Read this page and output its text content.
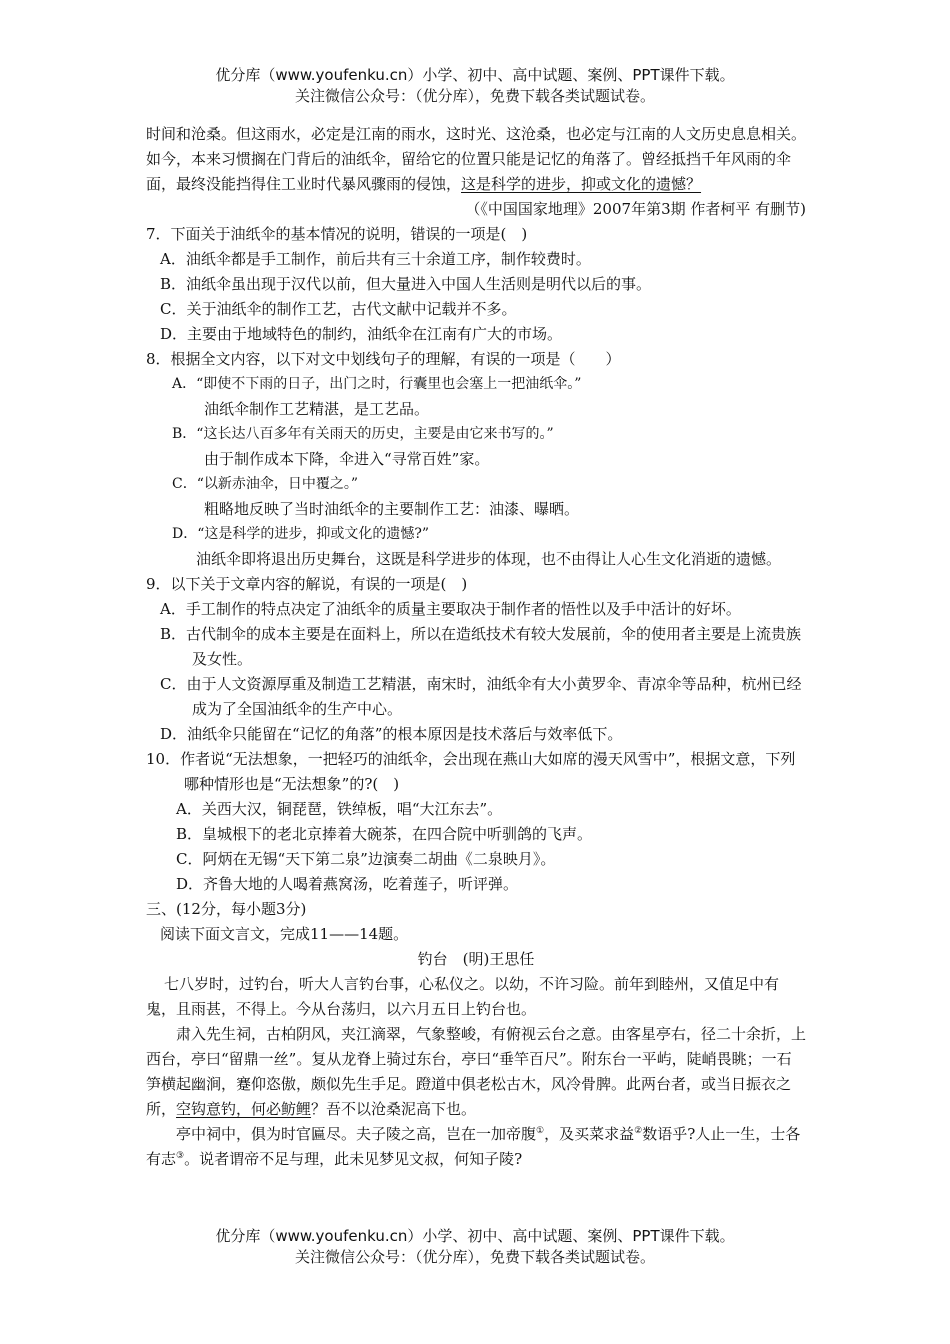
优分库（www.youfenku.cn）小学、初中、高中试题、案例、PPT课件下载。
关注微信公众号：（优分库），免费下载各类试题试卷。

时间和沧桑。但这雨水，必定是江南的雨水，这时光、这沧桑，也必定与江南的人文历史息息相关。如今，本来习惯搁在门背后的油纸伞，留给它的位置只能是记忆的角落了。曾经抵挡千年风雨的伞面，最终没能挡得住工业时代暴风骤雨的侵蚀，这是科学的进步，抑或文化的遗憾？

（《中国国家地理》2007年第3期 作者柯平 有删节)

7．下面关于油纸伞的基本情况的说明，错误的一项是(　)

A．油纸伞都是手工制作，前后共有三十余道工序，制作较费时。

B．油纸伞虽出现于汉代以前，但大量进入中国人生活则是明代以后的事。

C．关于油纸伞的制作工艺，古代文献中记载并不多。

D．主要由于地域特色的制约，油纸伞在江南有广大的市场。

8．根据全文内容，以下对文中划线句子的理解，有误的一项是（　　）

A．“即使不下雨的日子，出门之时，行囊里也会塞上一把油纸伞。”

油纸伞制作工艺精湛，是工艺品。

B．“这长达八百多年有关雨天的历史，主要是由它来书写的。”

由于制作成本下降，伞进入“寻常百姓”家。

C．“以新赤油伞，日中覆之。”

粗略地反映了当时油纸伞的主要制作工艺：油漆、曝晒。

D．“这是科学的进步，抑或文化的遗憾?”

油纸伞即将退出历史舞台，这既是科学进步的体现，也不由得让人心生文化消逝的遗憾。

9．以下关于文章内容的解说，有误的一项是(　)

A．手工制作的特点决定了油纸伞的质量主要取决于制作者的悟性以及手中活计的好坏。

B．古代制伞的成本主要是在面料上，所以在造纸技术有较大发展前，伞的使用者主要是上流贵族及女性。

C．由于人文资源厚重及制造工艺精湛，南宋时，油纸伞有大小黄罗伞、青凉伞等品种，杭州已经成为了全国油纸伞的生产中心。

D．油纸伞只能留在“记忆的角落”的根本原因是技术落后与效率低下。

10．作者说“无法想象，一把轻巧的油纸伞，会出现在燕山大如席的漫天风雪中”，根据文意，下列哪种情形也是“无法想象”的?(　)

A．关西大汉，铜琵琶，铁绰板，唱“大江东去”。

B．皇城根下的老北京捧着大碗茶，在四合院中听驯鸽的飞声。

C．阿炳在无锡“天下第二泉”边演奏二胡曲《二泉映月》。

D．齐鲁大地的人喝着燕窝汤，吃着莲子，听评弹。

三、(12分，每小题3分)

阅读下面文言文，完成11——14题。

钓台　(明)王思任

七八岁时，过钓台，听大人言钓台事，心私仪之。以幼，不许习险。前年到睦州，又值足中有鬼，且雨甚，不得上。今从台荡归，以六月五日上钓台也。

肃入先生祠，古柏阴风，夹江滴翠，气象整峻，有俯视云台之意。由客星亭右，径二十余折，上西台，亭曰“留鼎一丝”。复从龙脊上骑过东台，亭曰“垂竿百尺”。附东台一平屿，陡峭畏眺；一石笋横起幽涧，蹇仰恣傲，颇似先生手足。蹬道中俱老松古木，风冷骨脾。此两台者，或当日振衣之所，空钩意钓，何必鲂鲤？吾不以沧桑泥高下也。

亭中祠中，俱为时官匾尽。夫子陵之高，岂在一加帝腹①，及买菜求益②数语乎?人止一生，士各有志③。说者谓帝不足与理，此未见梦见文叔，何知子陵?

优分库（www.youfenku.cn）小学、初中、高中试题、案例、PPT课件下载。
关注微信公众号：（优分库），免费下载各类试题试卷。
